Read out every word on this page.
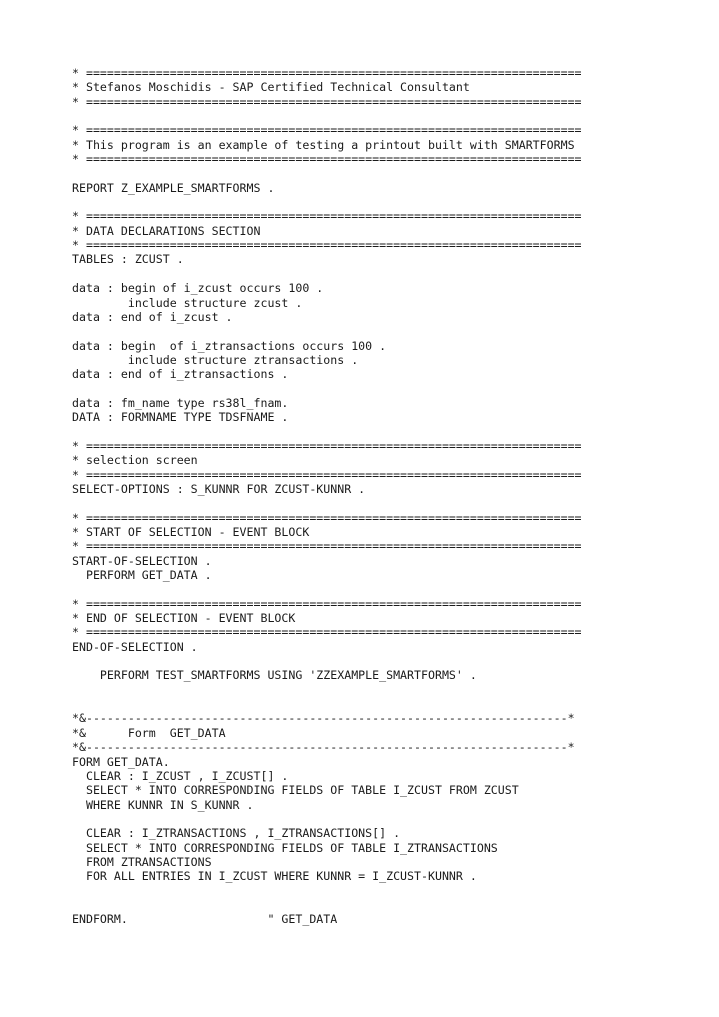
* =======================================================================
* Stefanos Moschidis - SAP Certified Technical Consultant
* =======================================================================
* =======================================================================
* This program is an example of testing a printout built with SMARTFORMS
* =======================================================================
REPORT Z_EXAMPLE_SMARTFORMS .
* =======================================================================
* DATA DECLARATIONS SECTION
* =======================================================================
TABLES : ZCUST .
data : begin of i_zcust occurs 100 .
include structure zcust .
data : end of i_zcust .
data : begin  of i_ztransactions occurs 100 .
include structure ztransactions .
data : end of i_ztransactions .
data : fm_name type rs38l_fnam.
DATA : FORMNAME TYPE TDSFNAME .
* =======================================================================
* selection screen
* =======================================================================
SELECT-OPTIONS : S_KUNNR FOR ZCUST-KUNNR .
* =======================================================================
* START OF SELECTION - EVENT BLOCK
* =======================================================================
START-OF-SELECTION .
PERFORM GET_DATA .
* =======================================================================
* END OF SELECTION - EVENT BLOCK
* =======================================================================
END-OF-SELECTION .
PERFORM TEST_SMARTFORMS USING 'ZZEXAMPLE_SMARTFORMS' .
*&---------------------------------------------------------------------*
*&      Form  GET_DATA
*&---------------------------------------------------------------------*
FORM GET_DATA.
CLEAR : I_ZCUST , I_ZCUST[] .
SELECT * INTO CORRESPONDING FIELDS OF TABLE I_ZCUST FROM ZCUST
WHERE KUNNR IN S_KUNNR .
CLEAR : I_ZTRANSACTIONS , I_ZTRANSACTIONS[] .
SELECT * INTO CORRESPONDING FIELDS OF TABLE I_ZTRANSACTIONS
FROM ZTRANSACTIONS
FOR ALL ENTRIES IN I_ZCUST WHERE KUNNR = I_ZCUST-KUNNR .
ENDFORM.                    " GET_DATA
